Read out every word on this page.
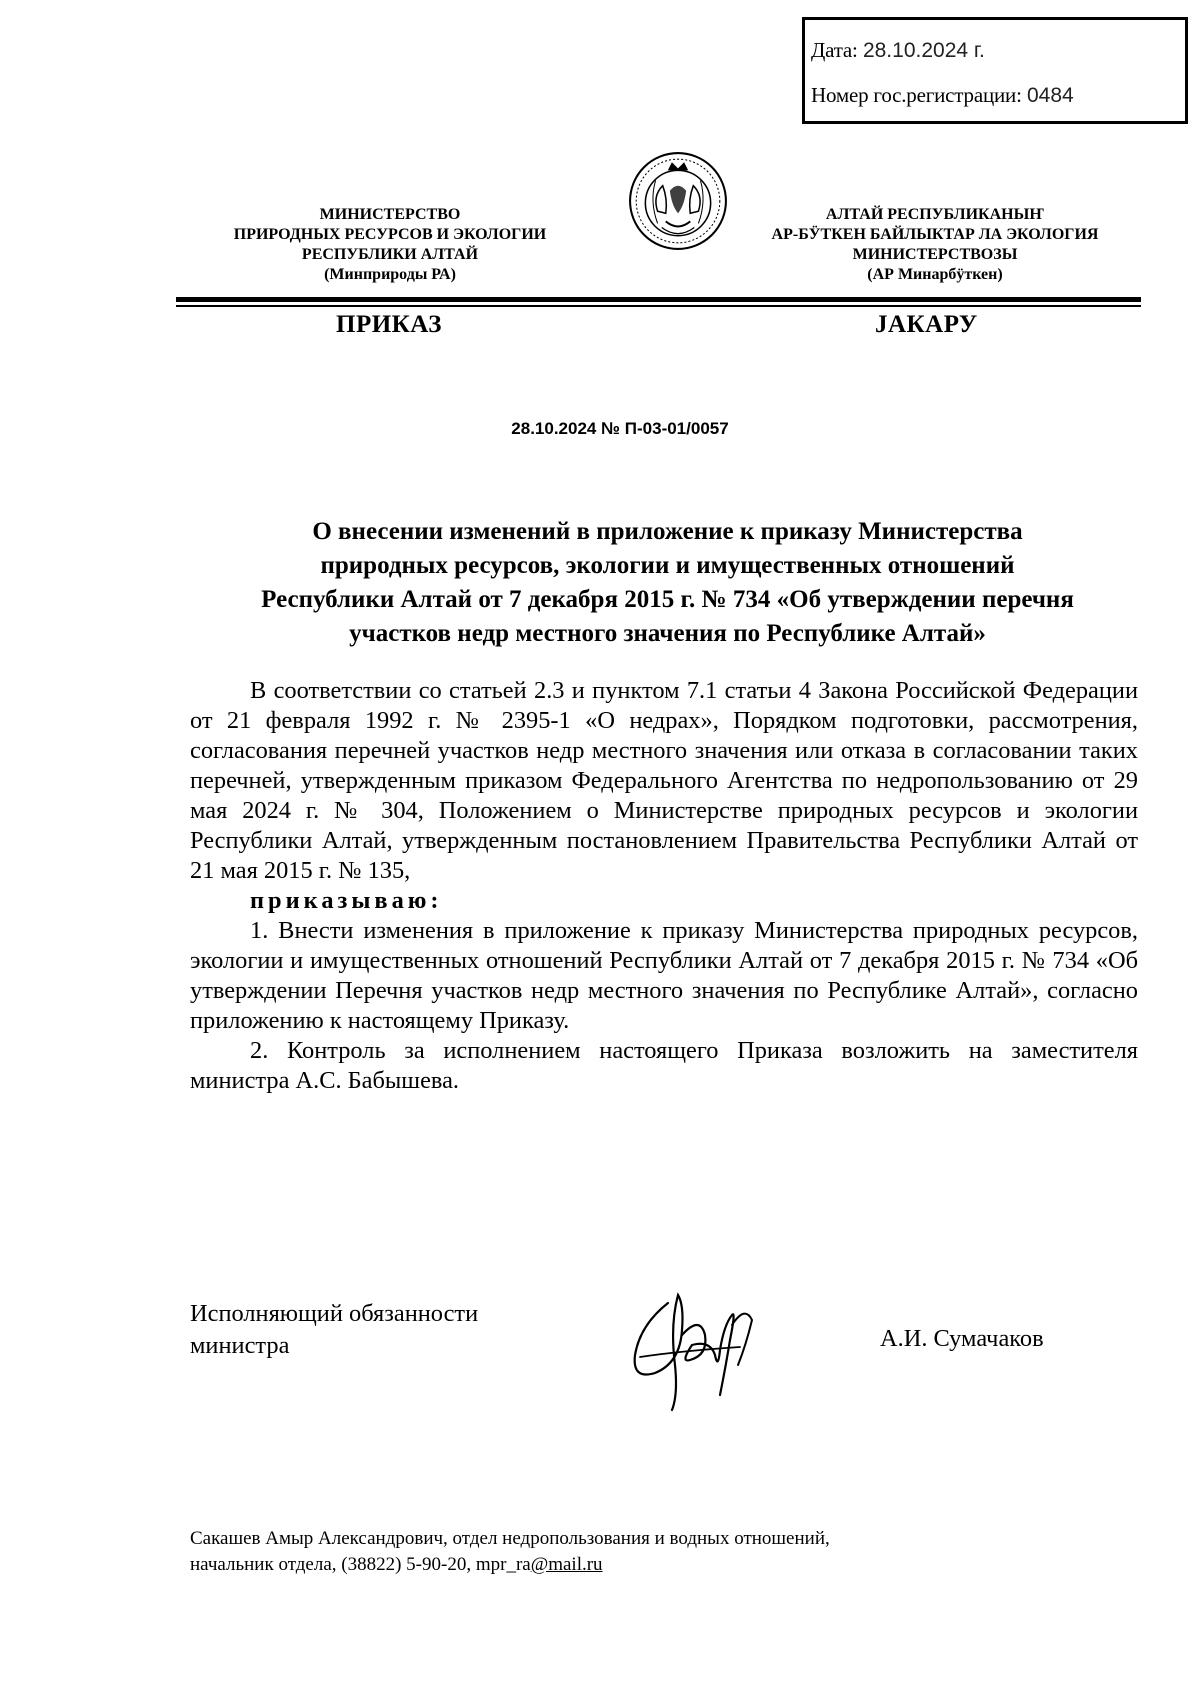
Дата: 28.10.2024 г.
Номер гос.регистрации: 0484
МИНИСТЕРСТВО
ПРИРОДНЫХ РЕСУРСОВ И ЭКОЛОГИИ
РЕСПУБЛИКИ АЛТАЙ
(Минприроды РА)
АЛТАЙ РЕСПУБЛИКАНЫҤ
АР-БӰТКЕН БАЙЛЫКТАР ЛА ЭКОЛОГИЯ
МИНИСТЕРСТВОЗЫ
(АР Минарбӱткен)
ПРИКАЗ	JАКАРУ
28.10.2024 № П-03-01/0057
О внесении изменений в приложение к приказу Министерства
природных ресурсов, экологии и имущественных отношений
Республики Алтай от 7 декабря 2015 г. № 734 «Об утверждении перечня
участков недр местного значения по Республике Алтай»

В соответствии со статьей 2.3 и пунктом 7.1 статьи 4 Закона Российской Федерации от 21 февраля 1992 г. № 2395-1 «О недрах», Порядком подготовки, рассмотрения, согласования перечней участков недр местного значения или отказа в согласовании таких перечней, утвержденным приказом Федерального Агентства по недропользованию от 29 мая 2024 г. № 304, Положением о Министерстве природных ресурсов и экологии Республики Алтай, утвержденным постановлением Правительства Республики Алтай от 21 мая 2015 г. № 135,

приказываю:

1. Внести изменения в приложение к приказу Министерства природных ресурсов, экологии и имущественных отношений Республики Алтай от 7 декабря 2015 г. № 734 «Об утверждении Перечня участков недр местного значения по Республике Алтай», согласно приложению к настоящему Приказу.

2. Контроль за исполнением настоящего Приказа возложить на заместителя министра А.С. Бабышева.

Исполняющий обязанности
министра	А.И. Сумачаков
Сакашев Амыр Александрович, отдел недропользования и водных отношений,
начальник отдела, (38822) 5-90-20, mpr_ra@mail.ru
